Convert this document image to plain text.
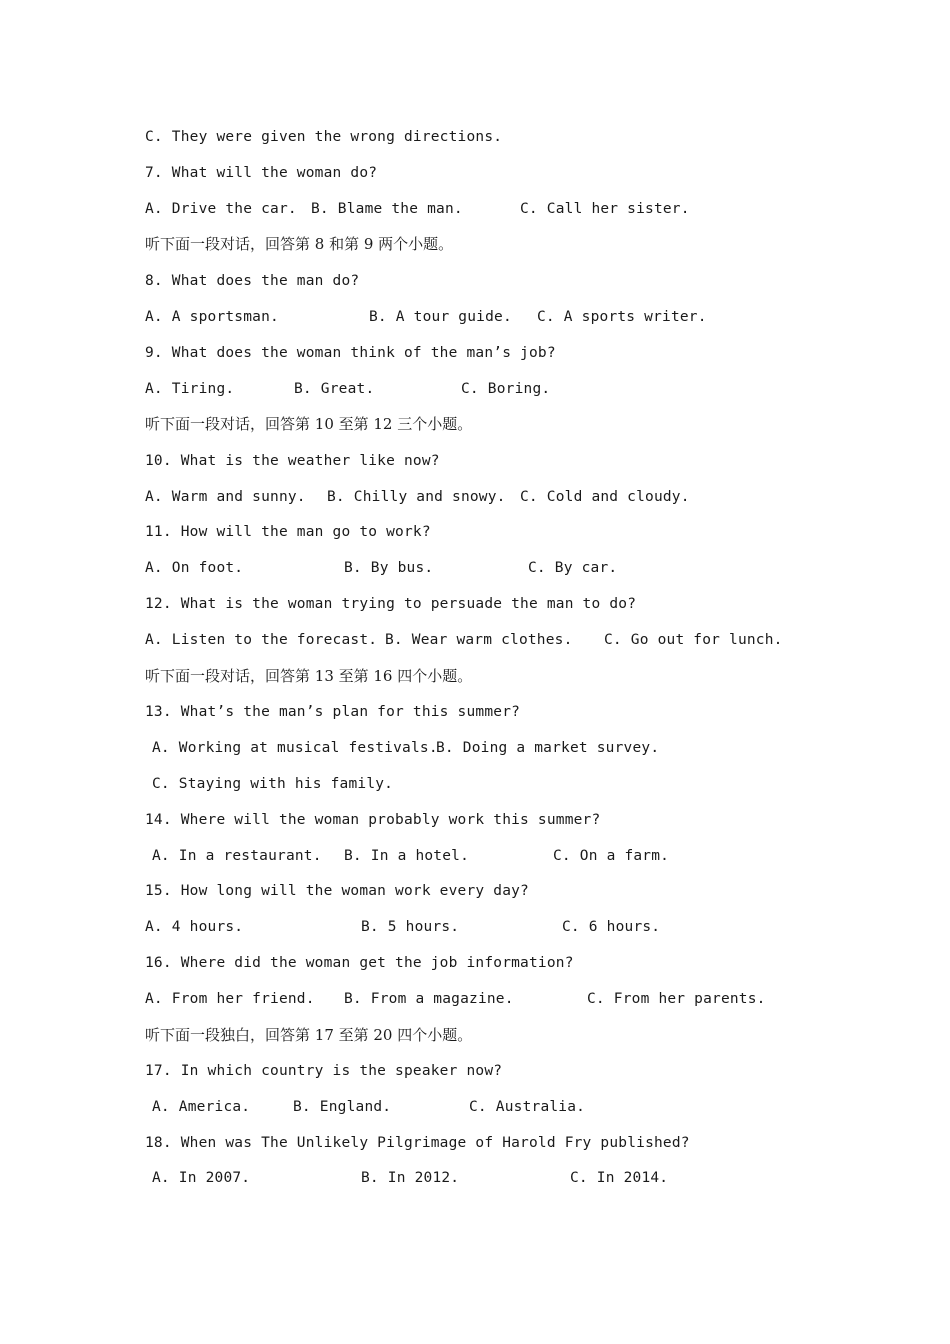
C. They were given the wrong directions.
7. What will the woman do?

A. Drive the car.

B. Blame the man.

	C. Call her sister.

听下面一段对话，回答第 8 和第 9 两个小题。
8. What does the man do?

A. A sportsman.

	B. A tour guide.

C. A sports writer.

9. What does the woman think of the man’s job?

A. Tiring.

	B. Great.

	C. Boring.

听下面一段对话，回答第 10 至第 12 三个小题。
10. What is the weather like now?

A. Warm and sunny.

B. Chilly and snowy.

C. Cold and cloudy.

11. How will the man go to work?

A. On foot.

	B. By bus.

	C. By car.

12. What is the woman trying to persuade the man to do?

A. Listen to the forecast.

B. Wear warm clothes.

C. Go out for lunch.

听下面一段对话，回答第 13 至第 16 四个小题。
13. What’s the man’s plan for this summer?

A. Working at musical festivals.

B. Doing a market survey.

C. Staying with his family.

14. Where will the woman probably work this summer?

A. In a restaurant.

B. In a hotel.

	C. On a farm.

15. How long will the woman work every day?

A. 4 hours.

	B. 5 hours.

	C. 6 hours.

16. Where did the woman get the job information?

A. From her friend.

B. From a magazine.

	C. From her parents.

听下面一段独白，回答第 17 至第 20 四个小题。
17. In which country is the speaker now?

A. America.

	B. England.

	C. Australia.

18. When was The Unlikely Pilgrimage of Harold Fry published?

A. In 2007.

	B. In 2012.

	C. In 2014.
